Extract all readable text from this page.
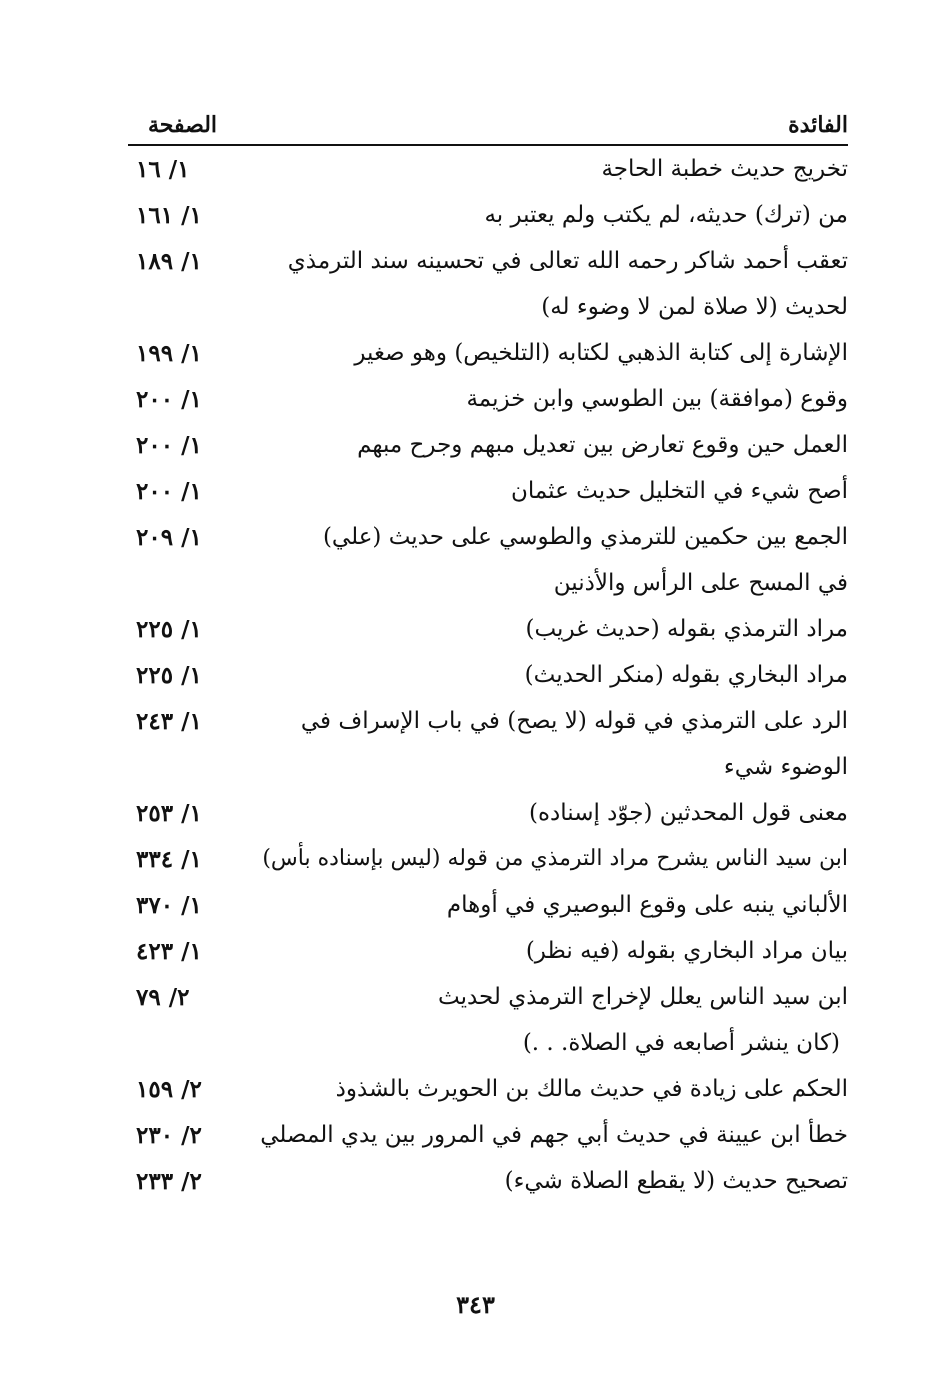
الفائدة
الصفحة
تخريج حديث خطبة الحاجة
١/ ١٦
من (ترك) حديثه، لم يكتب ولم يعتبر به
١/ ١٦١
تعقب أحمد شاكر رحمه الله تعالى في تحسينه سند الترمذي
١/ ١٨٩
لحديث (لا صلاة لمن لا وضوء له)
الإشارة إلى كتابة الذهبي لكتابه (التلخيص) وهو صغير
١/ ١٩٩
وقوع (موافقة) بين الطوسي وابن خزيمة
١/ ٢٠٠
العمل حين وقوع تعارض بين تعديل مبهم وجرح مبهم
١/ ٢٠٠
أصح شيء في التخليل حديث عثمان
١/ ٢٠٠
الجمع بين حكمين للترمذي والطوسي على حديث (علي)
١/ ٢٠٩
في المسح على الرأس والأذنين
مراد الترمذي بقوله (حديث غريب)
١/ ٢٢٥
مراد البخاري بقوله (منكر الحديث)
١/ ٢٢٥
الرد على الترمذي في قوله (لا يصح) في باب الإسراف في
١/ ٢٤٣
الوضوء شيء
معنى قول المحدثين (جوّد إسناده)
١/ ٢٥٣
ابن سيد الناس يشرح مراد الترمذي من قوله (ليس بإسناده بأس)
١/ ٣٣٤
الألباني ينبه على وقوع البوصيري في أوهام
١/ ٣٧٠
بيان مراد البخاري بقوله (فيه نظر)
١/ ٤٢٣
ابن سيد الناس يعلل لإخراج الترمذي لحديث
٢/ ٧٩
(كان ينشر أصابعه في الصلاة. . .)
الحكم على زيادة في حديث مالك بن الحويرث بالشذوذ
٢/ ١٥٩
خطأ ابن عيينة في حديث أبي جهم في المرور بين يدي المصلي
٢/ ٢٣٠
تصحيح حديث (لا يقطع الصلاة شيء)
٢/ ٢٣٣
٣٤٣
